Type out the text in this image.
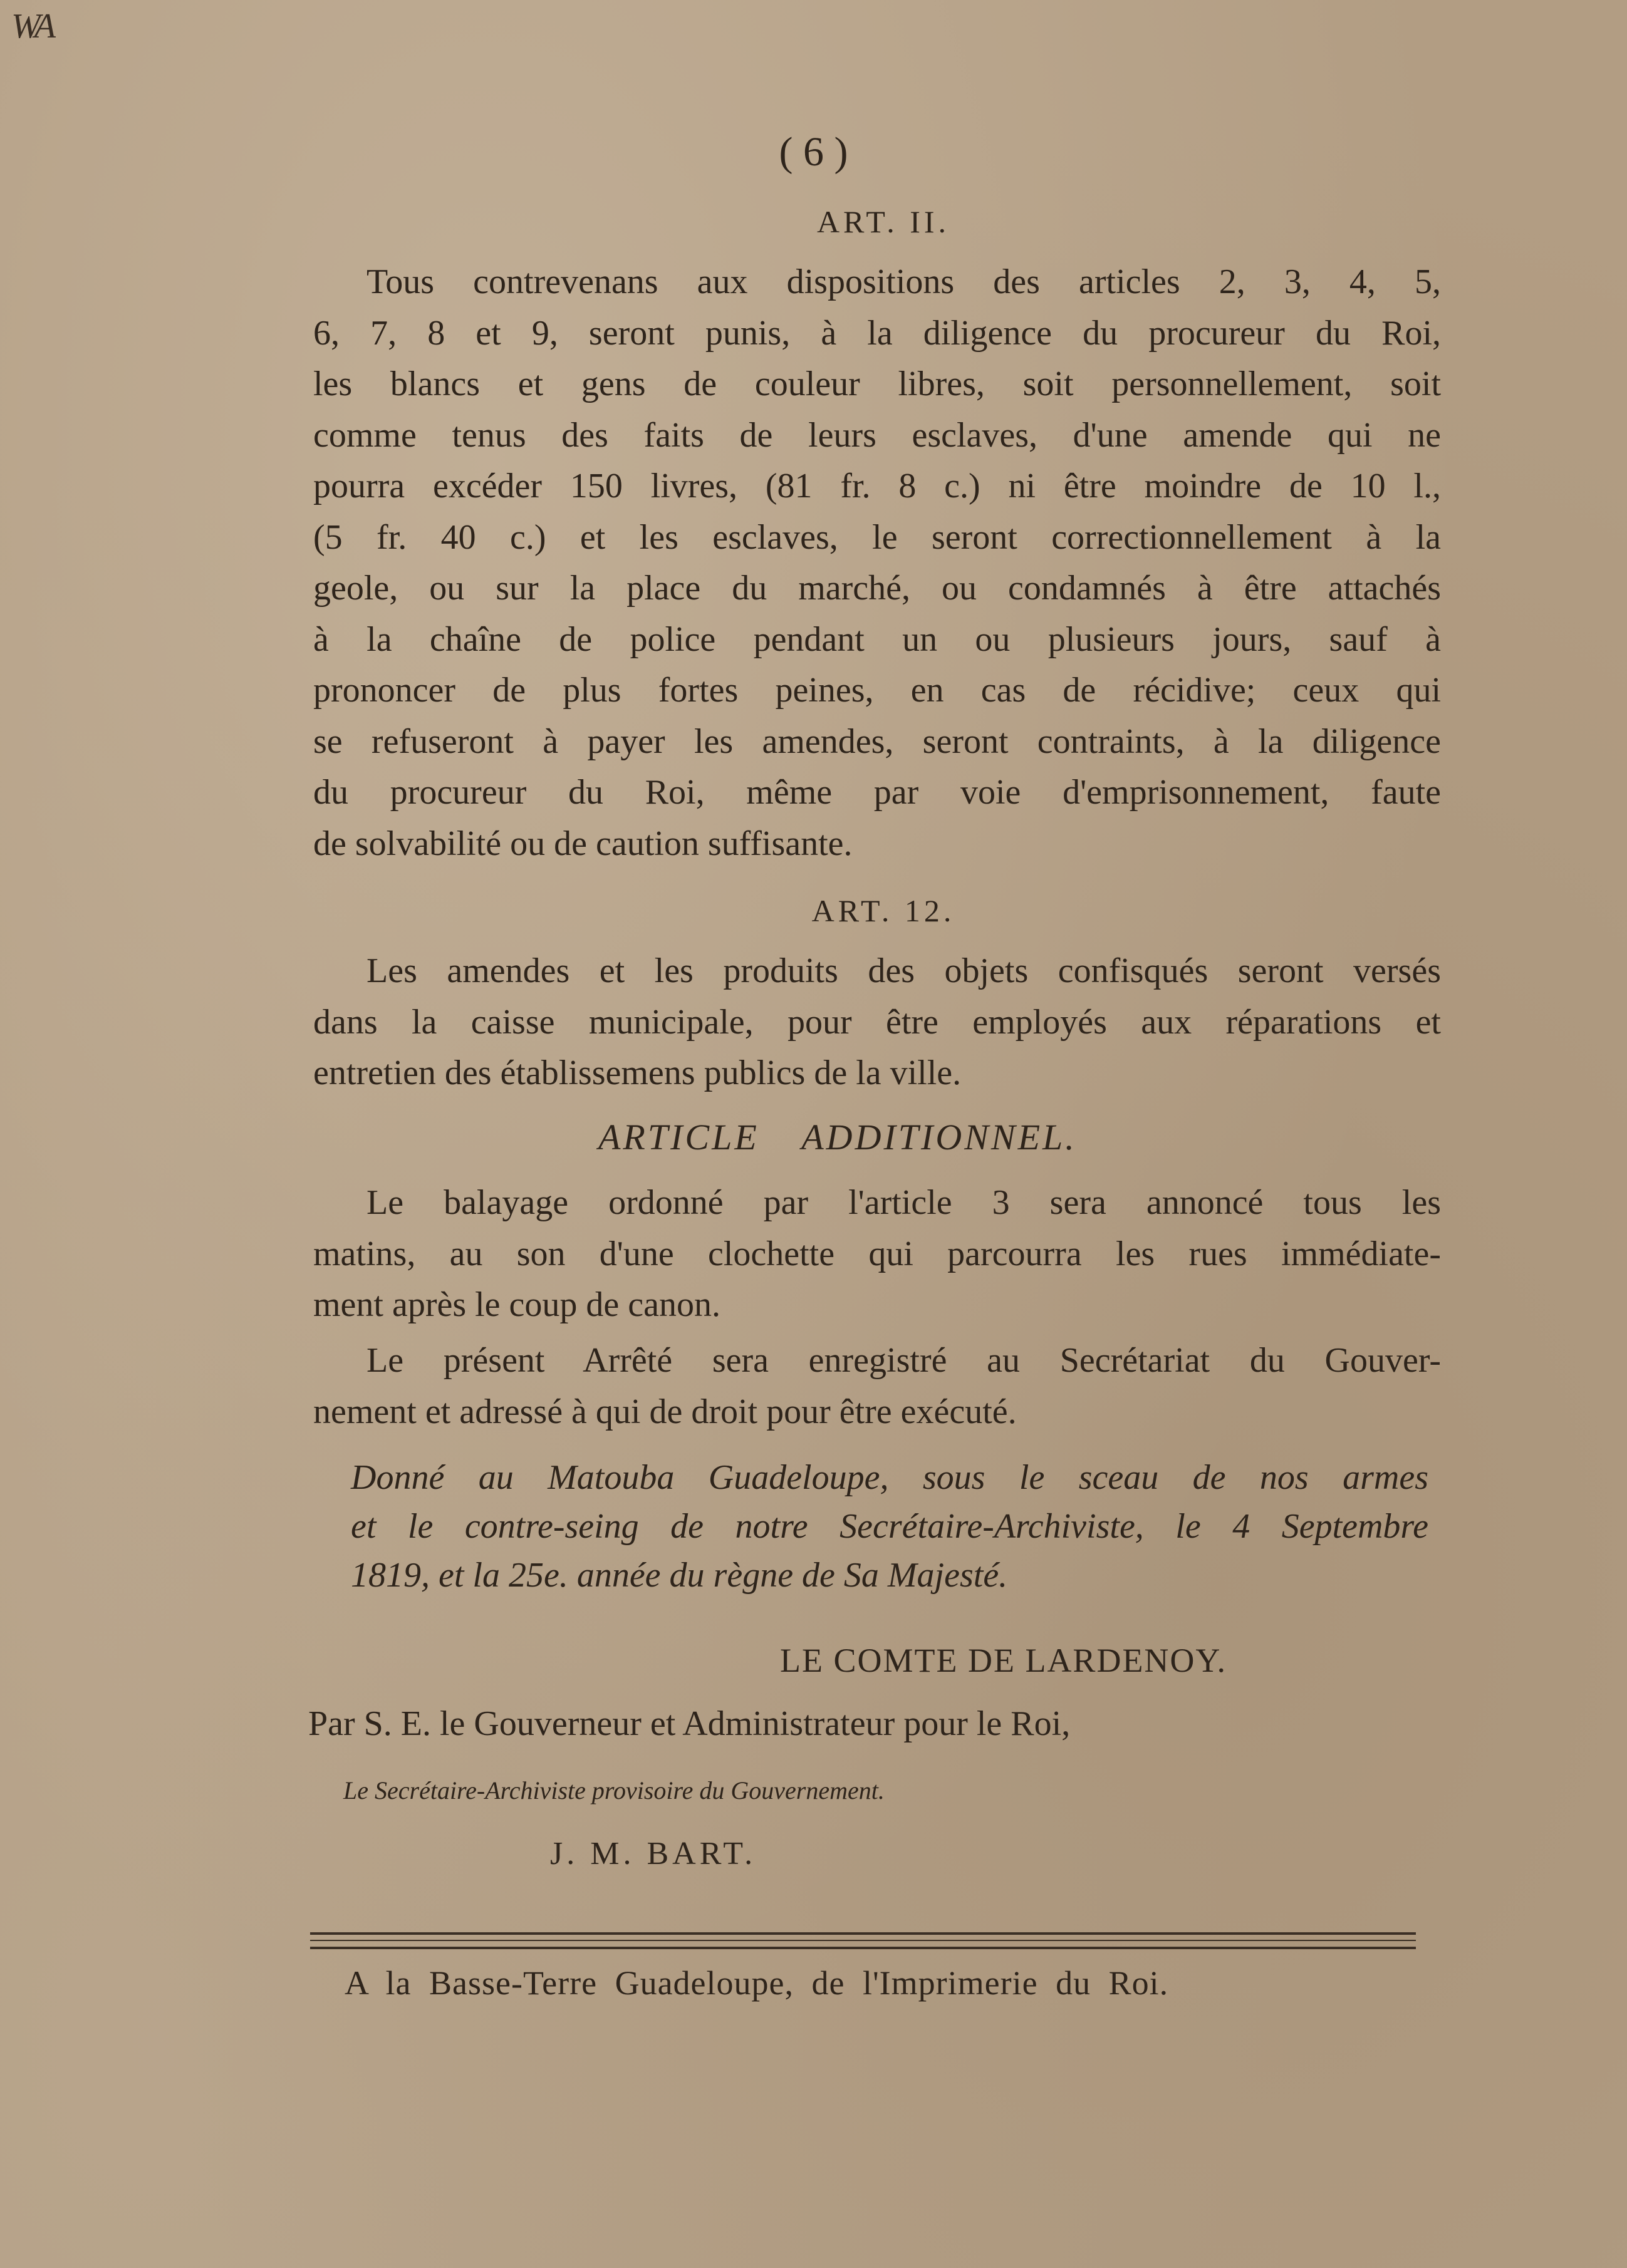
WA
( 6 )
ART. II.
Tous contrevenans aux dispositions des articles 2, 3, 4, 5,
6, 7, 8 et 9, seront punis, à la diligence du procureur du Roi,
les blancs et gens de couleur libres, soit personnellement, soit
comme tenus des faits de leurs esclaves, d'une amende qui ne
pourra excéder 150 livres, (81 fr. 8 c.) ni être moindre de 10 l.,
(5 fr. 40 c.) et les esclaves, le seront correctionnellement à la
geole, ou sur la place du marché, ou condamnés à être attachés
à la chaîne de police pendant un ou plusieurs jours, sauf à
prononcer de plus fortes peines, en cas de récidive; ceux qui
se refuseront à payer les amendes, seront contraints, à la diligence
du procureur du Roi, même par voie d'emprisonnement, faute
de solvabilité ou de caution suffisante.
ART. 12.
Les amendes et les produits des objets confisqués seront versés
dans la caisse municipale, pour être employés aux réparations et
entretien des établissemens publics de la ville.
ARTICLE ADDITIONNEL.
Le balayage ordonné par l'article 3 sera annoncé tous les
matins, au son d'une clochette qui parcourra les rues immédiate-
ment après le coup de canon.
Le présent Arrêté sera enregistré au Secrétariat du Gouver-
nement et adressé à qui de droit pour être exécuté.
Donné au Matouba Guadeloupe, sous le sceau de nos armes
et le contre-seing de notre Secrétaire-Archiviste, le 4 Septembre
1819, et la 25e. année du règne de Sa Majesté.
LE COMTE DE LARDENOY.
Par S. E. le Gouverneur et Administrateur pour le Roi,
Le Secrétaire-Archiviste provisoire du Gouvernement.
J. M. BART.
A la Basse-Terre Guadeloupe, de l'Imprimerie du Roi.
